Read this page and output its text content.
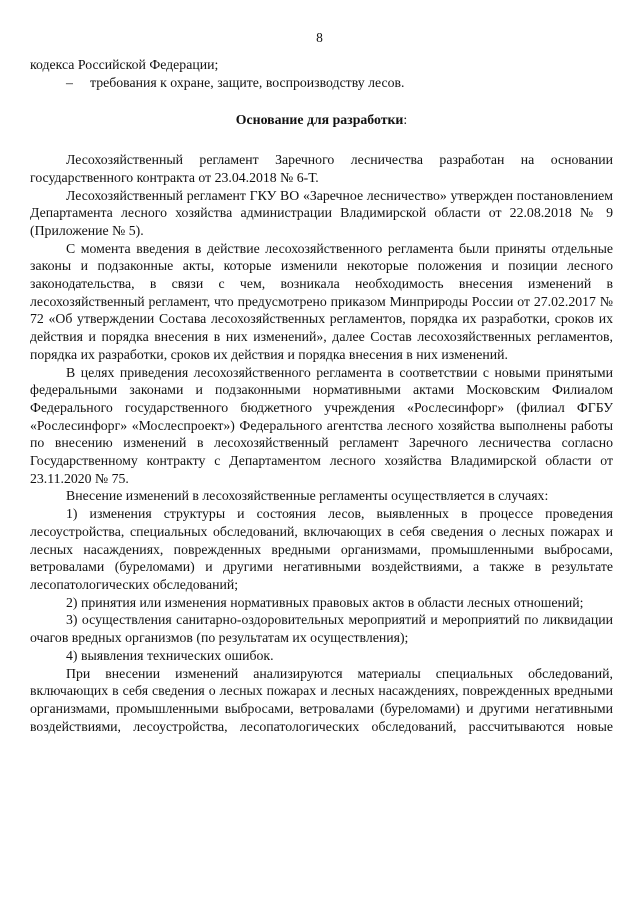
8

кодекса Российской Федерации;

– требования к охране, защите, воспроизводству лесов.

Основание для разработки:

Лесохозяйственный регламент Заречного лесничества разработан на основании государственного контракта от 23.04.2018 № 6-Т.

Лесохозяйственный регламент ГКУ ВО «Заречное лесничество» утвержден постановлением Департамента лесного хозяйства администрации Владимирской области от 22.08.2018 № 9 (Приложение № 5).

С момента введения в действие лесохозяйственного регламента были приняты отдельные законы и подзаконные акты, которые изменили некоторые положения и позиции лесного законодательства, в связи с чем, возникала необходимость внесения изменений в лесохозяйственный регламент, что предусмотрено приказом Минприроды России от 27.02.2017 № 72 «Об утверждении Состава лесохозяйственных регламентов, порядка их разработки, сроков их действия и порядка внесения в них изменений», далее Состав лесохозяйственных регламентов, порядка их разработки, сроков их действия и порядка внесения в них изменений.

В целях приведения лесохозяйственного регламента в соответствии с новыми принятыми федеральными законами и подзаконными нормативными актами Московским Филиалом Федерального государственного бюджетного учреждения «Рослесинфорг» (филиал ФГБУ «Рослесинфорг» «Мослеспроект») Федерального агентства лесного хозяйства выполнены работы по внесению изменений в лесохозяйственный регламент Заречного лесничества согласно Государственному контракту с Департаментом лесного хозяйства Владимирской области от 23.11.2020 № 75.

Внесение изменений в лесохозяйственные регламенты осуществляется в случаях:

1) изменения структуры и состояния лесов, выявленных в процессе проведения лесоустройства, специальных обследований, включающих в себя сведения о лесных пожарах и лесных насаждениях, поврежденных вредными организмами, промышленными выбросами, ветровалами (буреломами) и другими негативными воздействиями, а также в результате лесопатологических обследований;

2) принятия или изменения нормативных правовых актов в области лесных отношений;

3) осуществления санитарно-оздоровительных мероприятий и мероприятий по ликвидации очагов вредных организмов (по результатам их осуществления);

4) выявления технических ошибок.

При внесении изменений анализируются материалы специальных обследований, включающих в себя сведения о лесных пожарах и лесных насаждениях, поврежденных вредными организмами, промышленными выбросами, ветровалами (буреломами) и другими негативными воздействиями, лесоустройства, лесопатологических обследований, рассчитываются новые
